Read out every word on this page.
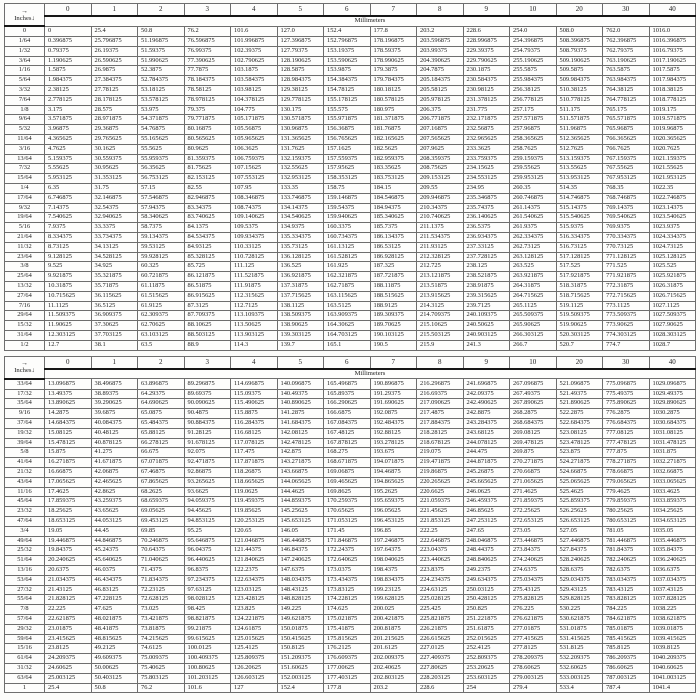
→
Inches↓	0	1	2	3	4	5	6	7	8	9	10	20	30	40
	Millimeters													
0	0	25.4	50.8	76.2	101.6	127.0	152.4	177.8	203.2	228.6	254.0	508.0	762.0	1016.0
1/64	0.396875	25.796875	51.196875	76.596875	101.996875	127.396875	152.796875	178.196875	203.596875	228.996875	254.396875	508.396875	762.396875	1016.396875
1/32	0.79375	26.19375	51.59375	76.99375	102.39375	127.79375	153.19375	178.59375	203.99375	229.39375	254.79375	508.79375	762.79375	1016.79375
3/64	1.190625	26.590625	51.990625	77.390625	102.790625	128.190625	153.590625	178.990625	204.390625	229.790625	255.190625	509.190625	763.190625	1017.190625
1/16	1.5875	26.9875	52.3875	77.7875	103.1875	128.5875	153.9875	179.3875	204.7875	230.1875	255.5875	509.5875	763.5875	1017.5875
5/64	1.984375	27.384375	52.784375	78.184375	103.584375	128.984375	154.384375	179.784375	205.184375	230.584375	255.984375	509.984375	763.984375	1017.984375
3/32	2.38125	27.78125	53.18125	78.58125	103.98125	129.38125	154.78125	180.18125	205.58125	230.98125	256.38125	510.38125	764.38125	1018.38125
7/64	2.778125	28.178125	53.578125	78.978125	104.378125	129.778125	155.178125	180.578125	205.978125	231.378125	256.778125	510.778125	764.778125	1018.778125
1/8	3.175	28.575	53.975	79.375	104.775	130.175	155.575	180.975	206.375	231.775	257.175	511.175	765.175	1019.175
9/64	3.571875	28.971875	54.371875	79.771875	105.171875	130.571875	155.971875	181.371875	206.771875	232.171875	257.571875	511.571875	765.571875	1019.571875
5/32	3.96875	29.36875	54.76875	80.16875	105.56875	130.96875	156.36875	181.76875	207.16875	232.56875	257.96875	511.96875	765.96875	1019.96875
11/64	4.365625	29.765625	55.165625	80.565625	105.965625	131.365625	156.765625	182.165625	207.565625	232.965625	258.365625	512.365625	766.365625	1020.365625
3/16	4.7625	30.1625	55.5625	80.9625	106.3625	131.7625	157.1625	182.5625	207.9625	233.3625	258.7625	512.7625	766.7625	1020.7625
13/64	5.159375	30.559375	55.959375	81.359375	106.759375	132.159375	157.559375	182.959375	208.359375	233.759375	259.159375	513.159375	767.159375	1021.159375
7/32	5.55625	30.95625	56.35625	81.75625	107.15625	132.55625	157.95625	183.35625	208.75625	234.15625	259.55625	513.55625	767.55625	1021.55625
15/64	5.953125	31.353125	56.753125	82.153125	107.553125	132.953125	158.353125	183.753125	209.153125	234.553125	259.953125	513.953125	767.953125	1021.953125
1/4	6.35	31.75	57.15	82.55	107.95	133.35	158.75	184.15	209.55	234.95	260.35	514.35	768.35	1022.35
17/64	6.746875	32.146875	57.546875	82.946875	108.346875	133.746875	159.146875	184.546875	209.946875	235.346875	260.746875	514.746875	768.746875	1022.746875
9/32	7.14375	32.54375	57.94375	83.34375	108.74375	134.14375	159.54375	184.94375	210.34375	235.74375	261.14375	515.14375	769.14375	1023.14375
19/64	7.540625	32.940625	58.340625	83.740625	109.140625	134.540625	159.940625	185.340625	210.740625	236.140625	261.540625	515.540625	769.540625	1023.540625
5/16	7.9375	33.3375	58.7375	84.1375	109.5375	134.9375	160.3375	185.7375	211.1375	236.5375	261.9375	515.9375	769.9375	1023.9375
21/64	8.334375	33.734375	59.134375	84.534375	109.934375	135.334375	160.734375	186.134375	211.534375	236.934375	262.334375	516.334375	770.334375	1024.334375
11/32	8.73125	34.13125	59.53125	84.93125	110.33125	135.73125	161.13125	186.53125	211.93125	237.33125	262.73125	516.73125	770.73125	1024.73125
23/64	9.128125	34.528125	59.928125	85.328125	110.728125	136.128125	161.528125	186.928125	212.328125	237.728125	263.128125	517.128125	771.128125	1025.128125
3/8	9.525	34.925	60.325	85.725	111.125	136.525	161.925	187.325	212.725	238.125	263.525	517.525	771.525	1025.525
25/64	9.921875	35.321875	60.721875	86.121875	111.521875	136.921875	162.321875	187.721875	213.121875	238.521875	263.921875	517.921875	771.921875	1025.921875
13/32	10.31875	35.71875	61.11875	86.51875	111.91875	137.31875	162.71875	188.11875	213.51875	238.91875	264.31875	518.31875	772.31875	1026.31875
27/64	10.715625	36.115625	61.515625	86.915625	112.315625	137.715625	163.115625	188.515625	213.915625	239.315625	264.715625	518.715625	772.715625	1026.715625
7/16	11.1125	36.5125	61.9125	87.3125	112.7125	138.1125	163.5125	188.9125	214.3125	239.7125	265.1125	519.1125	773.1125	1027.1125
29/64	11.509375	36.909375	62.309375	87.709375	113.109375	138.509375	163.909375	189.309375	214.709375	240.109375	265.509375	519.509375	773.509375	1027.509375
15/32	11.90625	37.30625	62.70625	88.10625	113.50625	138.90625	164.30625	189.70625	215.10625	240.50625	265.90625	519.90625	773.90625	1027.90625
31/64	12.303125	37.703125	63.103125	88.503125	113.903125	139.303125	164.703125	190.103125	215.503125	240.903125	266.303125	520.303125	774.303125	1028.303125
1/2	12.7	38.1	63.5	88.9	114.3	139.7	165.1	190.5	215.9	241.3	266.7	520.7	774.7	1028.7
→
Inches↓	0	1	2	3	4	5	6	7	8	9	10	20	30	40
	Millimeters													
33/64	13.096875	38.496875	63.896875	89.296875	114.696875	140.096875	165.496875	190.896875	216.296875	241.696875	267.096875	521.096875	775.096875	1029.096875
17/32	13.49375	38.89375	64.29375	89.69375	115.09375	140.49375	165.89375	191.29375	216.69375	242.09375	267.49375	521.49375	775.49375	1029.49375
35/64	13.890625	39.290625	64.690625	90.090625	115.490625	140.890625	166.290625	191.690625	217.090625	242.490625	267.890625	521.890625	775.890625	1029.890625
9/16	14.2875	39.6875	65.0875	90.4875	115.8875	141.2875	166.6875	192.0875	217.4875	242.8875	268.2875	522.2875	776.2875	1030.2875
37/64	14.684375	40.084375	65.484375	90.884375	116.284375	141.684375	167.084375	192.484375	217.884375	243.284375	268.684375	522.684375	776.684375	1030.684375
19/32	15.08125	40.48125	65.88125	91.28125	116.68125	142.08125	167.48125	192.88125	218.28125	243.68125	269.08125	523.08125	777.08125	1031.08125
39/64	15.478125	40.878125	66.278125	91.678125	117.078125	142.478125	167.878125	193.278125	218.678125	244.078125	269.478125	523.478125	777.478125	1031.478125
5/8	15.875	41.275	66.675	92.075	117.475	142.875	168.275	193.675	219.075	244.475	269.875	523.875	777.875	1031.875
41/64	16.271875	41.671875	67.071875	92.471875	117.871875	143.271875	168.671875	194.071875	219.471875	244.871875	270.271875	524.271875	778.271875	1032.271875
21/32	16.66875	42.06875	67.46875	92.86875	118.26875	143.66875	169.06875	194.46875	219.86875	245.26875	270.66875	524.66875	778.66875	1032.66875
43/64	17.065625	42.465625	67.865625	93.265625	118.665625	144.065625	169.465625	194.865625	220.265625	245.665625	271.065625	525.065625	779.065625	1033.065625
11/16	17.4625	42.8625	68.2625	93.6625	119.0625	144.4625	169.8625	195.2625	220.6625	246.0625	271.4625	525.4625	779.4625	1033.4625
45/64	17.859375	43.259375	68.659375	94.059375	119.459375	144.859375	170.259375	195.659375	221.059375	246.459375	271.859375	525.859375	779.859375	1033.859375
23/32	18.25625	43.65625	69.05625	94.45625	119.85625	145.25625	170.65625	196.05625	221.45625	246.85625	272.25625	526.25625	780.25625	1034.25625
47/64	18.653125	44.053125	69.453125	94.853125	120.253125	145.653125	171.053125	196.453125	221.853125	247.253125	272.653125	526.653125	780.653125	1034.653125
3/4	19.05	44.45	69.85	95.25	120.65	146.05	171.45	196.85	222.25	247.65	273.05	527.05	781.05	1035.05
49/64	19.446875	44.846875	70.246875	95.646875	121.046875	146.446875	171.846875	197.246875	222.646875	248.046875	273.446875	527.446875	781.446875	1035.446875
25/32	19.84375	45.24375	70.64375	96.04375	121.44375	146.84375	172.24375	197.64375	223.04375	248.44375	273.84375	527.84375	781.84375	1035.84375
51/64	20.240625	45.640625	71.040625	96.440625	121.840625	147.240625	172.640625	198.040625	223.440625	248.840625	274.240625	528.240625	782.240625	1036.240625
13/16	20.6375	46.0375	71.4375	96.8375	122.2375	147.6375	173.0375	198.4375	223.8375	249.2375	274.6375	528.6375	782.6375	1036.6375
53/64	21.034375	46.434375	71.834375	97.234375	122.634375	148.034375	173.434375	198.834375	224.234375	249.634375	275.034375	529.034375	783.034375	1037.034375
27/32	21.43125	46.83125	72.23125	97.63125	123.03125	148.43125	173.83125	199.23125	224.63125	250.03125	275.43125	529.43125	783.43125	1037.43125
55/64	21.828125	47.228125	72.628125	98.028125	123.428125	148.828125	174.228125	199.628125	225.028125	250.428125	275.828125	529.828125	783.828125	1037.828125
7/8	22.225	47.625	73.025	98.425	123.825	149.225	174.625	200.025	225.425	250.825	276.225	530.225	784.225	1038.225
57/64	22.621875	48.021875	73.421875	98.821875	124.221875	149.621875	175.021875	200.421875	225.821875	251.221875	276.621875	530.621875	784.621875	1038.621875
29/32	23.01875	48.41875	73.81875	99.21875	124.61875	150.01875	175.41875	200.81875	226.21875	251.61875	277.01875	531.01875	785.01875	1039.01875
59/64	23.415625	48.815625	74.215625	99.615625	125.015625	150.415625	175.815625	201.215625	226.615625	252.015625	277.415625	531.415625	785.415625	1039.415625
15/16	23.8125	49.2125	74.6125	100.0125	125.4125	150.8125	176.2125	201.6125	227.0125	252.4125	277.8125	531.8125	785.8125	1039.8125
61/64	24.209375	49.609375	75.009375	100.409375	125.809375	151.209375	176.609375	202.009375	227.409375	252.809375	278.209375	532.209375	786.209375	1040.209375
31/32	24.60625	50.00625	75.40625	100.80625	126.20625	151.60625	177.00625	202.40625	227.80625	253.20625	278.60625	532.60625	786.60625	1040.60625
63/64	25.003125	50.403125	75.803125	101.203125	126.603125	152.003125	177.403125	202.803125	228.203125	253.603125	279.003125	533.003125	787.003125	1041.003125
1	25.4	50.8	76.2	101.6	127	152.4	177.8	203.2	228.6	254	279.4	533.4	787.4	1041.4
